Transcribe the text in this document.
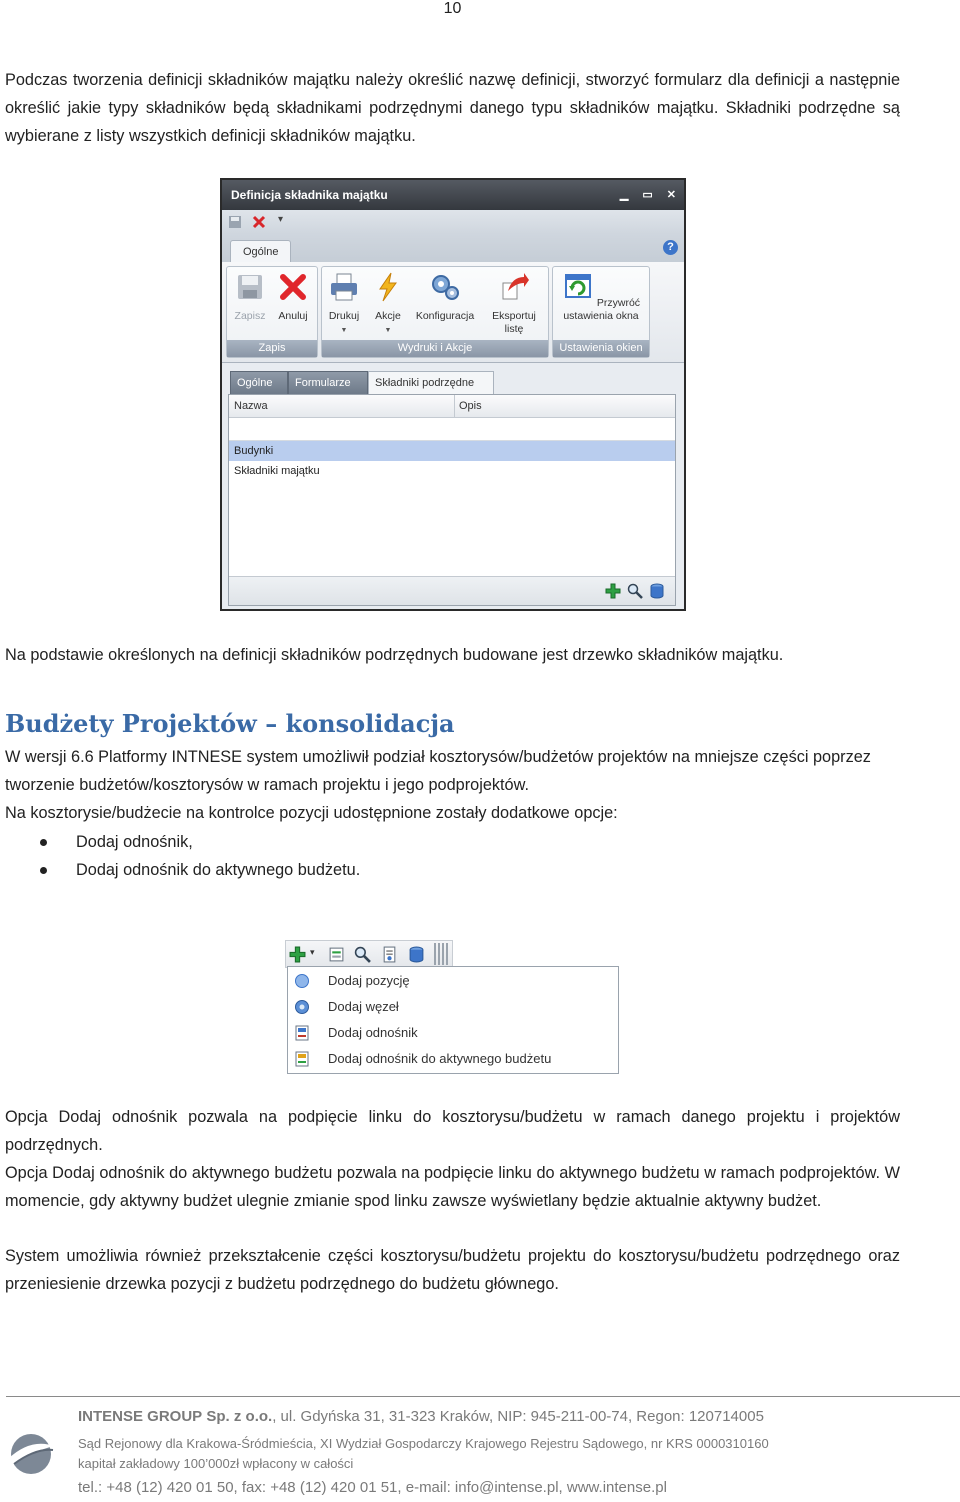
10
Podczas tworzenia definicji składników majątku należy określić nazwę definicji, stworzyć formularz dla definicji a następnie określić jakie typy składników będą składnikami podrzędnymi danego typu składników majątku. Składniki podrzędne są wybierane z listy wszystkich definicji składników majątku.
Definicja składnika majątku	▁ ▭ ✕
▾
Ogólne	?
Zapisz	Anuluj
Zapis
Drukuj
▼
Akcje
▼
Konfiguracja	Eksportuj listę
Wydruki i Akcje
Przywróć ustawienia okna
Ustawienia okien
Ogólne	Formularze	Składniki podrzędne
Nazwa	Opis
Budynki
Składniki majątku
Na podstawie określonych na definicji składników podrzędnych budowane jest drzewko składników majątku.
Budżety Projektów – konsolidacja
W wersji 6.6 Platformy INTNESE system umożliwił podział kosztorysów/budżetów projektów na mniejsze części poprzez tworzenie budżetów/kosztorysów w ramach projektu i jego podprojektów.
Na kosztorysie/budżecie na kontrolce pozycji udostępnione zostały dodatkowe opcje:
Dodaj odnośnik,
Dodaj odnośnik do aktywnego budżetu.
▾
Dodaj pozycję
Dodaj węzeł
Dodaj odnośnik
Dodaj odnośnik do aktywnego budżetu
Opcja Dodaj odnośnik pozwala na podpięcie linku do kosztorysu/budżetu w ramach danego projektu i projektów podrzędnych.
Opcja Dodaj odnośnik do aktywnego budżetu pozwala na podpięcie linku do aktywnego budżetu w ramach podprojektów. W momencie, gdy aktywny budżet ulegnie zmianie spod linku zawsze wyświetlany będzie aktualnie aktywny budżet.
System umożliwia również przekształcenie części kosztorysu/budżetu projektu do kosztorysu/budżetu podrzędnego oraz przeniesienie drzewka pozycji z budżetu podrzędnego do budżetu głównego.
INTENSE GROUP Sp. z o.o., ul. Gdyńska 31, 31-323 Kraków, NIP: 945-211-00-74, Regon: 120714005
Sąd Rejonowy dla Krakowa-Śródmieścia, XI Wydział Gospodarczy Krajowego Rejestru Sądowego, nr KRS 0000310160
kapitał zakładowy 100’000zł wpłacony w całości
tel.: +48 (12) 420 01 50, fax: +48 (12) 420 01 51, e-mail: info@intense.pl, www.intense.pl
